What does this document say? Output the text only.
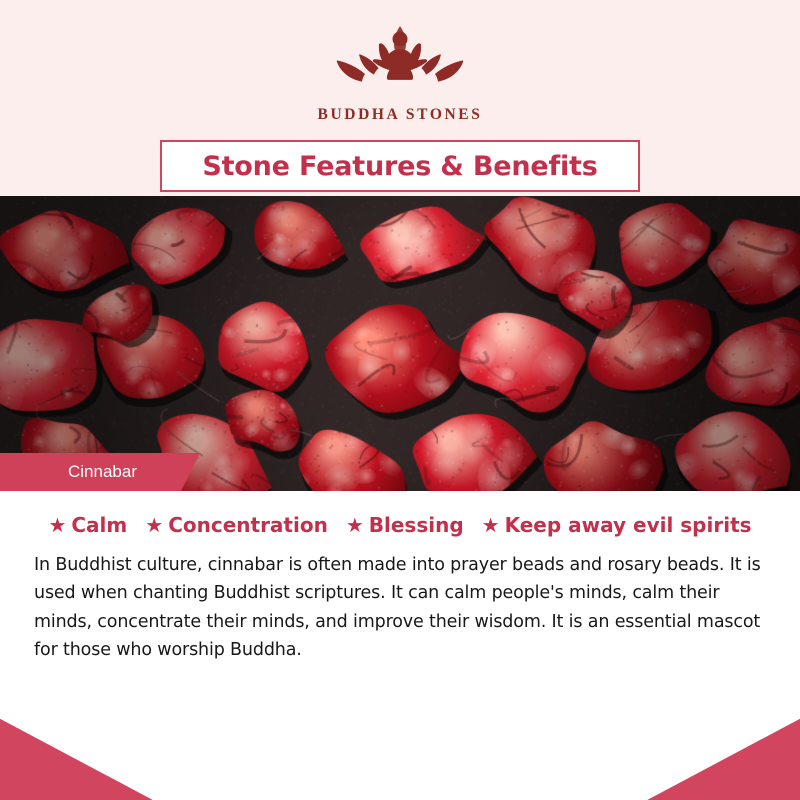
BUDDHA STONES
Stone Features & Benefits
Cinnabar
★ Calm ★ Concentration ★ Blessing ★ Keep away evil spirits
In Buddhist culture, cinnabar is often made into prayer beads and rosary beads. It is used when chanting Buddhist scriptures. It can calm people's minds, calm their minds, concentrate their minds, and improve their wisdom. It is an essential mascot for those who worship Buddha.
